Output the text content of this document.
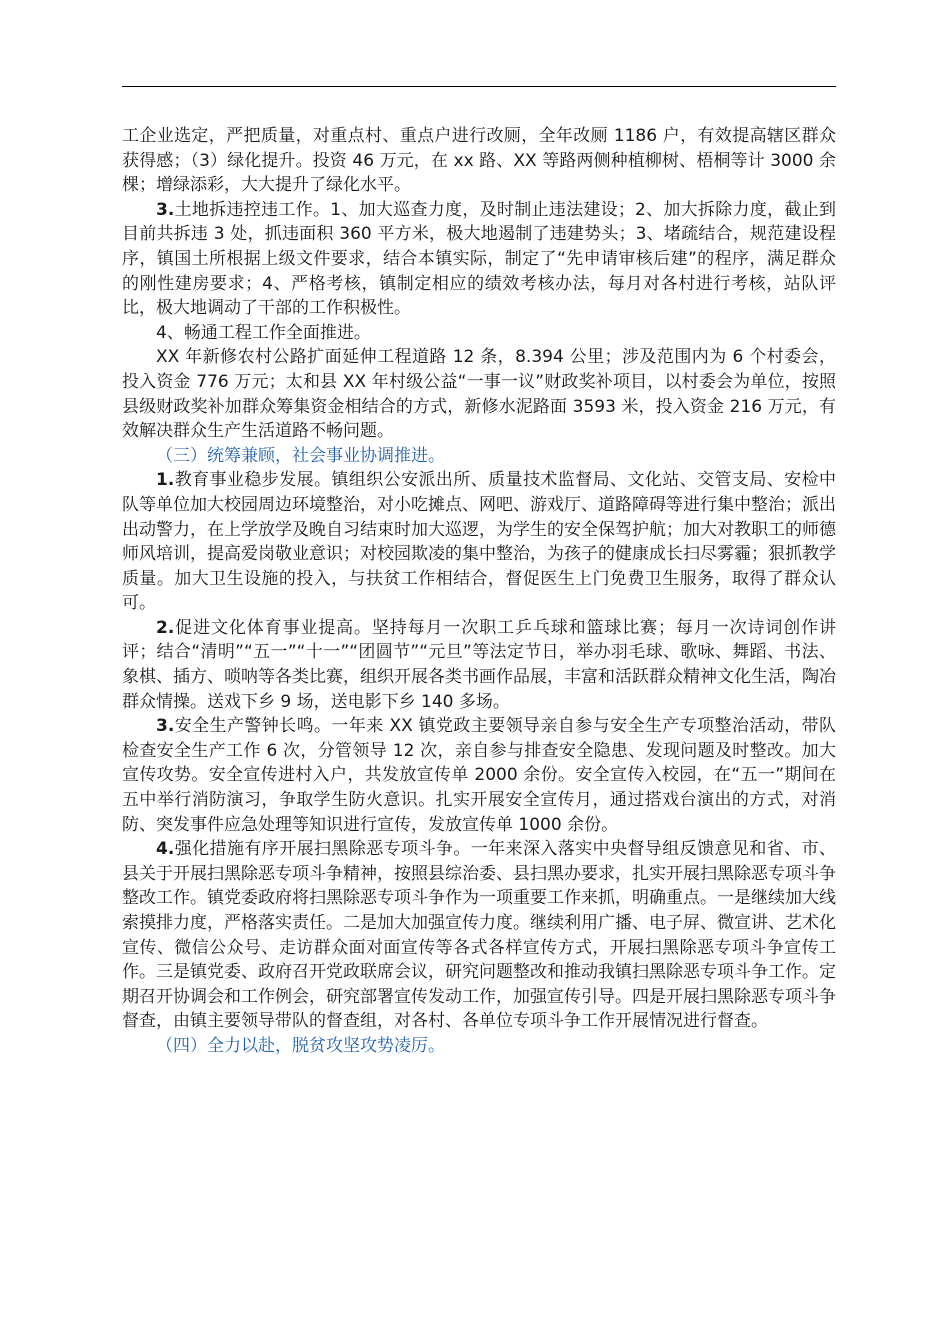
工企业选定，严把质量，对重点村、重点户进行改厕，全年改厕 1186 户，有效提高辖区群众获得感；（3）绿化提升。投资 46 万元，在 xx 路、XX 等路两侧种植柳树、梧桐等计 3000 余棵；增绿添彩，大大提升了绿化水平。

3.土地拆违控违工作。1、加大巡查力度，及时制止违法建设；2、加大拆除力度，截止到目前共拆违 3 处，抓违面积 360 平方米，极大地遏制了违建势头；3、堵疏结合，规范建设程序，镇国土所根据上级文件要求，结合本镇实际，制定了“先申请审核后建”的程序，满足群众的刚性建房要求；4、严格考核，镇制定相应的绩效考核办法，每月对各村进行考核，站队评比，极大地调动了干部的工作积极性。

4、畅通工程工作全面推进。

XX 年新修农村公路扩面延伸工程道路 12 条，8.394 公里；涉及范围内为 6 个村委会，投入资金 776 万元；太和县 XX 年村级公益“一事一议”财政奖补项目，以村委会为单位，按照县级财政奖补加群众筹集资金相结合的方式，新修水泥路面 3593 米，投入资金 216 万元，有效解决群众生产生活道路不畅问题。

（三）统筹兼顾，社会事业协调推进。

1.教育事业稳步发展。镇组织公安派出所、质量技术监督局、文化站、交管支局、安检中队等单位加大校园周边环境整治，对小吃摊点、网吧、游戏厅、道路障碍等进行集中整治；派出出动警力，在上学放学及晚自习结束时加大巡逻，为学生的安全保驾护航；加大对教职工的师德师风培训，提高爱岗敬业意识；对校园欺凌的集中整治，为孩子的健康成长扫尽雾霾；狠抓教学质量。加大卫生设施的投入，与扶贫工作相结合，督促医生上门免费卫生服务，取得了群众认可。

2.促进文化体育事业提高。坚持每月一次职工乒乓球和篮球比赛；每月一次诗词创作讲评；结合“清明”“五一”“十一”“团圆节”“元旦”等法定节日，举办羽毛球、歌咏、舞蹈、书法、象棋、插方、唢呐等各类比赛，组织开展各类书画作品展，丰富和活跃群众精神文化生活，陶冶群众情操。送戏下乡 9 场，送电影下乡 140 多场。

3.安全生产警钟长鸣。一年来 XX 镇党政主要领导亲自参与安全生产专项整治活动，带队检查安全生产工作 6 次，分管领导 12 次，亲自参与排查安全隐患、发现问题及时整改。加大宣传攻势。安全宣传进村入户，共发放宣传单 2000 余份。安全宣传入校园，在“五一”期间在五中举行消防演习，争取学生防火意识。扎实开展安全宣传月，通过搭戏台演出的方式，对消防、突发事件应急处理等知识进行宣传，发放宣传单 1000 余份。

4.强化措施有序开展扫黑除恶专项斗争。一年来深入落实中央督导组反馈意见和省、市、县关于开展扫黑除恶专项斗争精神，按照县综治委、县扫黑办要求，扎实开展扫黑除恶专项斗争整改工作。镇党委政府将扫黑除恶专项斗争作为一项重要工作来抓，明确重点。一是继续加大线索摸排力度，严格落实责任。二是加大加强宣传力度。继续利用广播、电子屏、微宣讲、艺术化宣传、微信公众号、走访群众面对面宣传等各式各样宣传方式，开展扫黑除恶专项斗争宣传工作。三是镇党委、政府召开党政联席会议，研究问题整改和推动我镇扫黑除恶专项斗争工作。定期召开协调会和工作例会，研究部署宣传发动工作，加强宣传引导。四是开展扫黑除恶专项斗争督查，由镇主要领导带队的督查组，对各村、各单位专项斗争工作开展情况进行督查。

（四）全力以赴，脱贫攻坚攻势凌厉。
